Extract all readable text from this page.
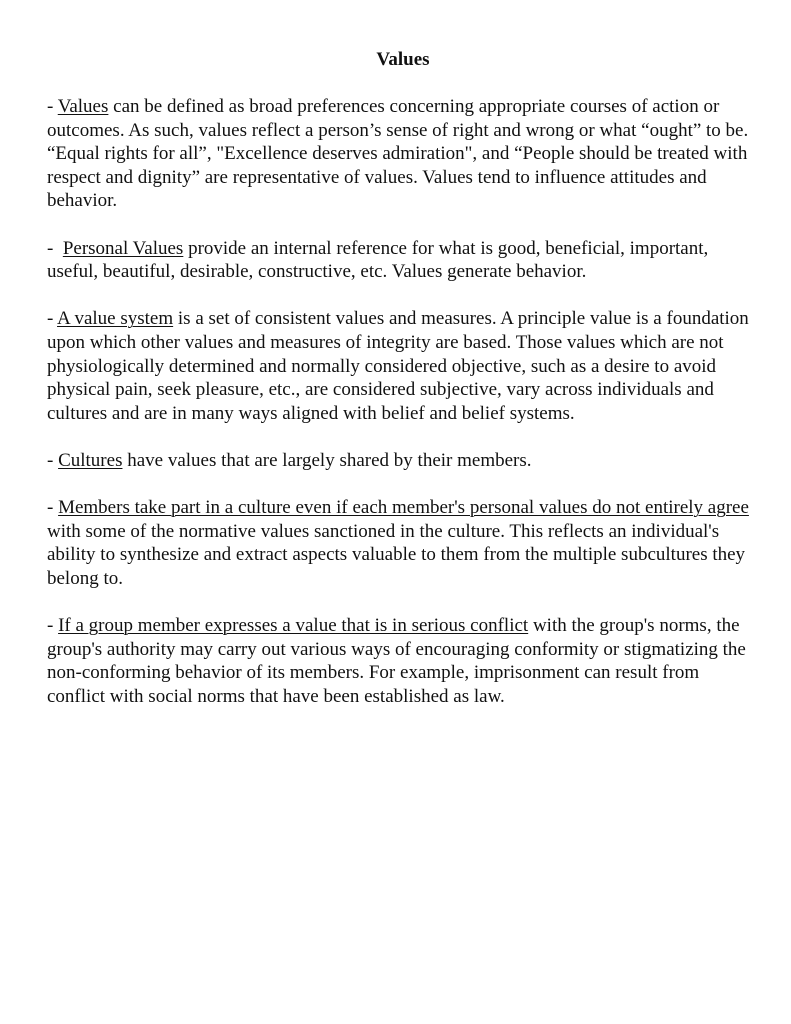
Values

- Values can be defined as broad preferences concerning appropriate courses of action or outcomes. As such, values reflect a person’s sense of right and wrong or what “ought” to be. “Equal rights for all”, "Excellence deserves admiration", and “People should be treated with respect and dignity” are representative of values. Values tend to influence attitudes and behavior.

-  Personal Values provide an internal reference for what is good, beneficial, important, useful, beautiful, desirable, constructive, etc. Values generate behavior.

- A value system is a set of consistent values and measures. A principle value is a foundation upon which other values and measures of integrity are based. Those values which are not physiologically determined and normally considered objective, such as a desire to avoid physical pain, seek pleasure, etc., are considered subjective, vary across individuals and cultures and are in many ways aligned with belief and belief systems.

- Cultures have values that are largely shared by their members.

- Members take part in a culture even if each member's personal values do not entirely agree with some of the normative values sanctioned in the culture. This reflects an individual's ability to synthesize and extract aspects valuable to them from the multiple subcultures they belong to.

- If a group member expresses a value that is in serious conflict with the group's norms, the group's authority may carry out various ways of encouraging conformity or stigmatizing the non-conforming behavior of its members. For example, imprisonment can result from conflict with social norms that have been established as law.
